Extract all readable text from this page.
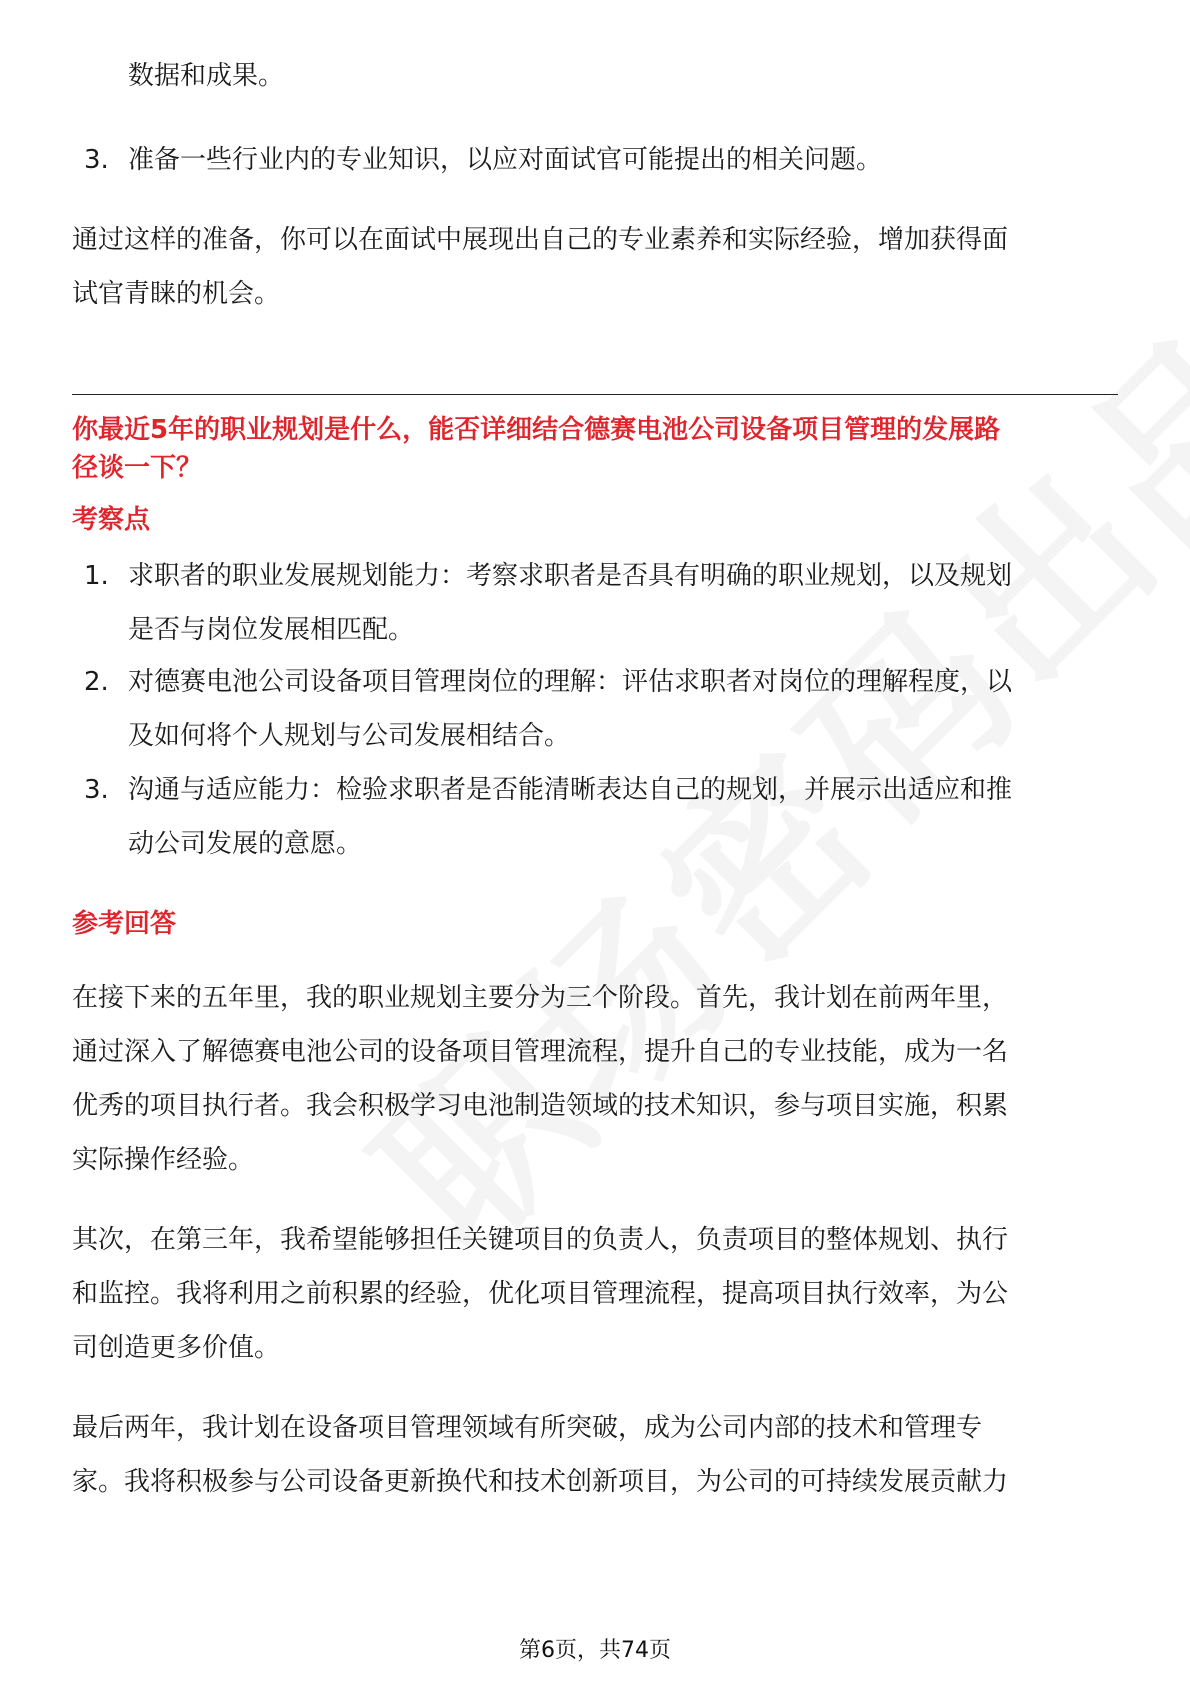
数据和成果。
3. 准备一些行业内的专业知识，以应对面试官可能提出的相关问题。
通过这样的准备，你可以在面试中展现出自己的专业素养和实际经验，增加获得面
试官青睐的机会。
你最近5年的职业规划是什么，能否详细结合德赛电池公司设备项目管理的发展路
径谈一下？
考察点
1. 求职者的职业发展规划能力：考察求职者是否具有明确的职业规划，以及规划
是否与岗位发展相匹配。
2. 对德赛电池公司设备项目管理岗位的理解：评估求职者对岗位的理解程度，以
及如何将个人规划与公司发展相结合。
3. 沟通与适应能力：检验求职者是否能清晰表达自己的规划，并展示出适应和推
动公司发展的意愿。
参考回答
在接下来的五年里，我的职业规划主要分为三个阶段。首先，我计划在前两年里，
通过深入了解德赛电池公司的设备项目管理流程，提升自己的专业技能，成为一名
优秀的项目执行者。我会积极学习电池制造领域的技术知识，参与项目实施，积累
实际操作经验。
其次，在第三年，我希望能够担任关键项目的负责人，负责项目的整体规划、执行
和监控。我将利用之前积累的经验，优化项目管理流程，提高项目执行效率，为公
司创造更多价值。
最后两年，我计划在设备项目管理领域有所突破，成为公司内部的技术和管理专
家。我将积极参与公司设备更新换代和技术创新项目，为公司的可持续发展贡献力
第6页，共74页
